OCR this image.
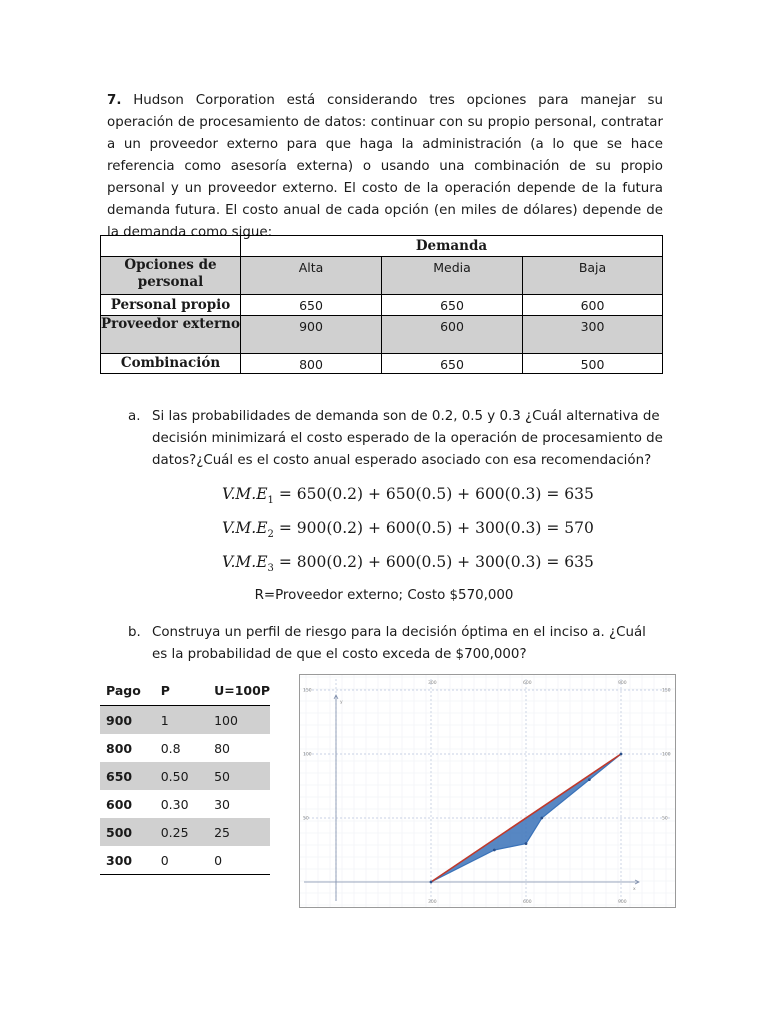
7. Hudson Corporation está considerando tres opciones para manejar su operación de procesamiento de datos: continuar con su propio personal, contratar a un proveedor externo para que haga la administración (a lo que se hace referencia como asesoría externa) o usando una combinación de su propio personal y un proveedor externo. El costo de la operación depende de la futura demanda futura. El costo anual de cada opción (en miles de dólares) depende de la demanda como sigue:
	Demanda		
Opciones de personal	Alta	Media	Baja
Personal propio	650	650	600
Proveedor externo	900	600	300
Combinación	800	650	500
a. Si las probabilidades de demanda son de 0.2, 0.5 y 0.3 ¿Cuál alternativa de decisión minimizará el costo esperado de la operación de procesamiento de datos?¿Cuál es el costo anual esperado asociado con esa recomendación?
$V.M.E_1 = 650(0.2) + 650(0.5) + 600(0.3) = 635$
$V.M.E_2 = 900(0.2) + 600(0.5) + 300(0.3) = 570$
$V.M.E_3 = 800(0.2) + 600(0.5) + 300(0.3) = 635$
R=Proveedor externo; Costo $570,000
b. Construya un perfil de riesgo para la decisión óptima en el inciso a. ¿Cuál es la probabilidad de que el costo exceda de $700,000?
Pago	P	U=100P
900	1	100
800	0.8	80
650	0.50	50
600	0.30	30
500	0.25	25
300	0	0
x
y
300
300
600
600
900
900
50	50
100	100
150	150
